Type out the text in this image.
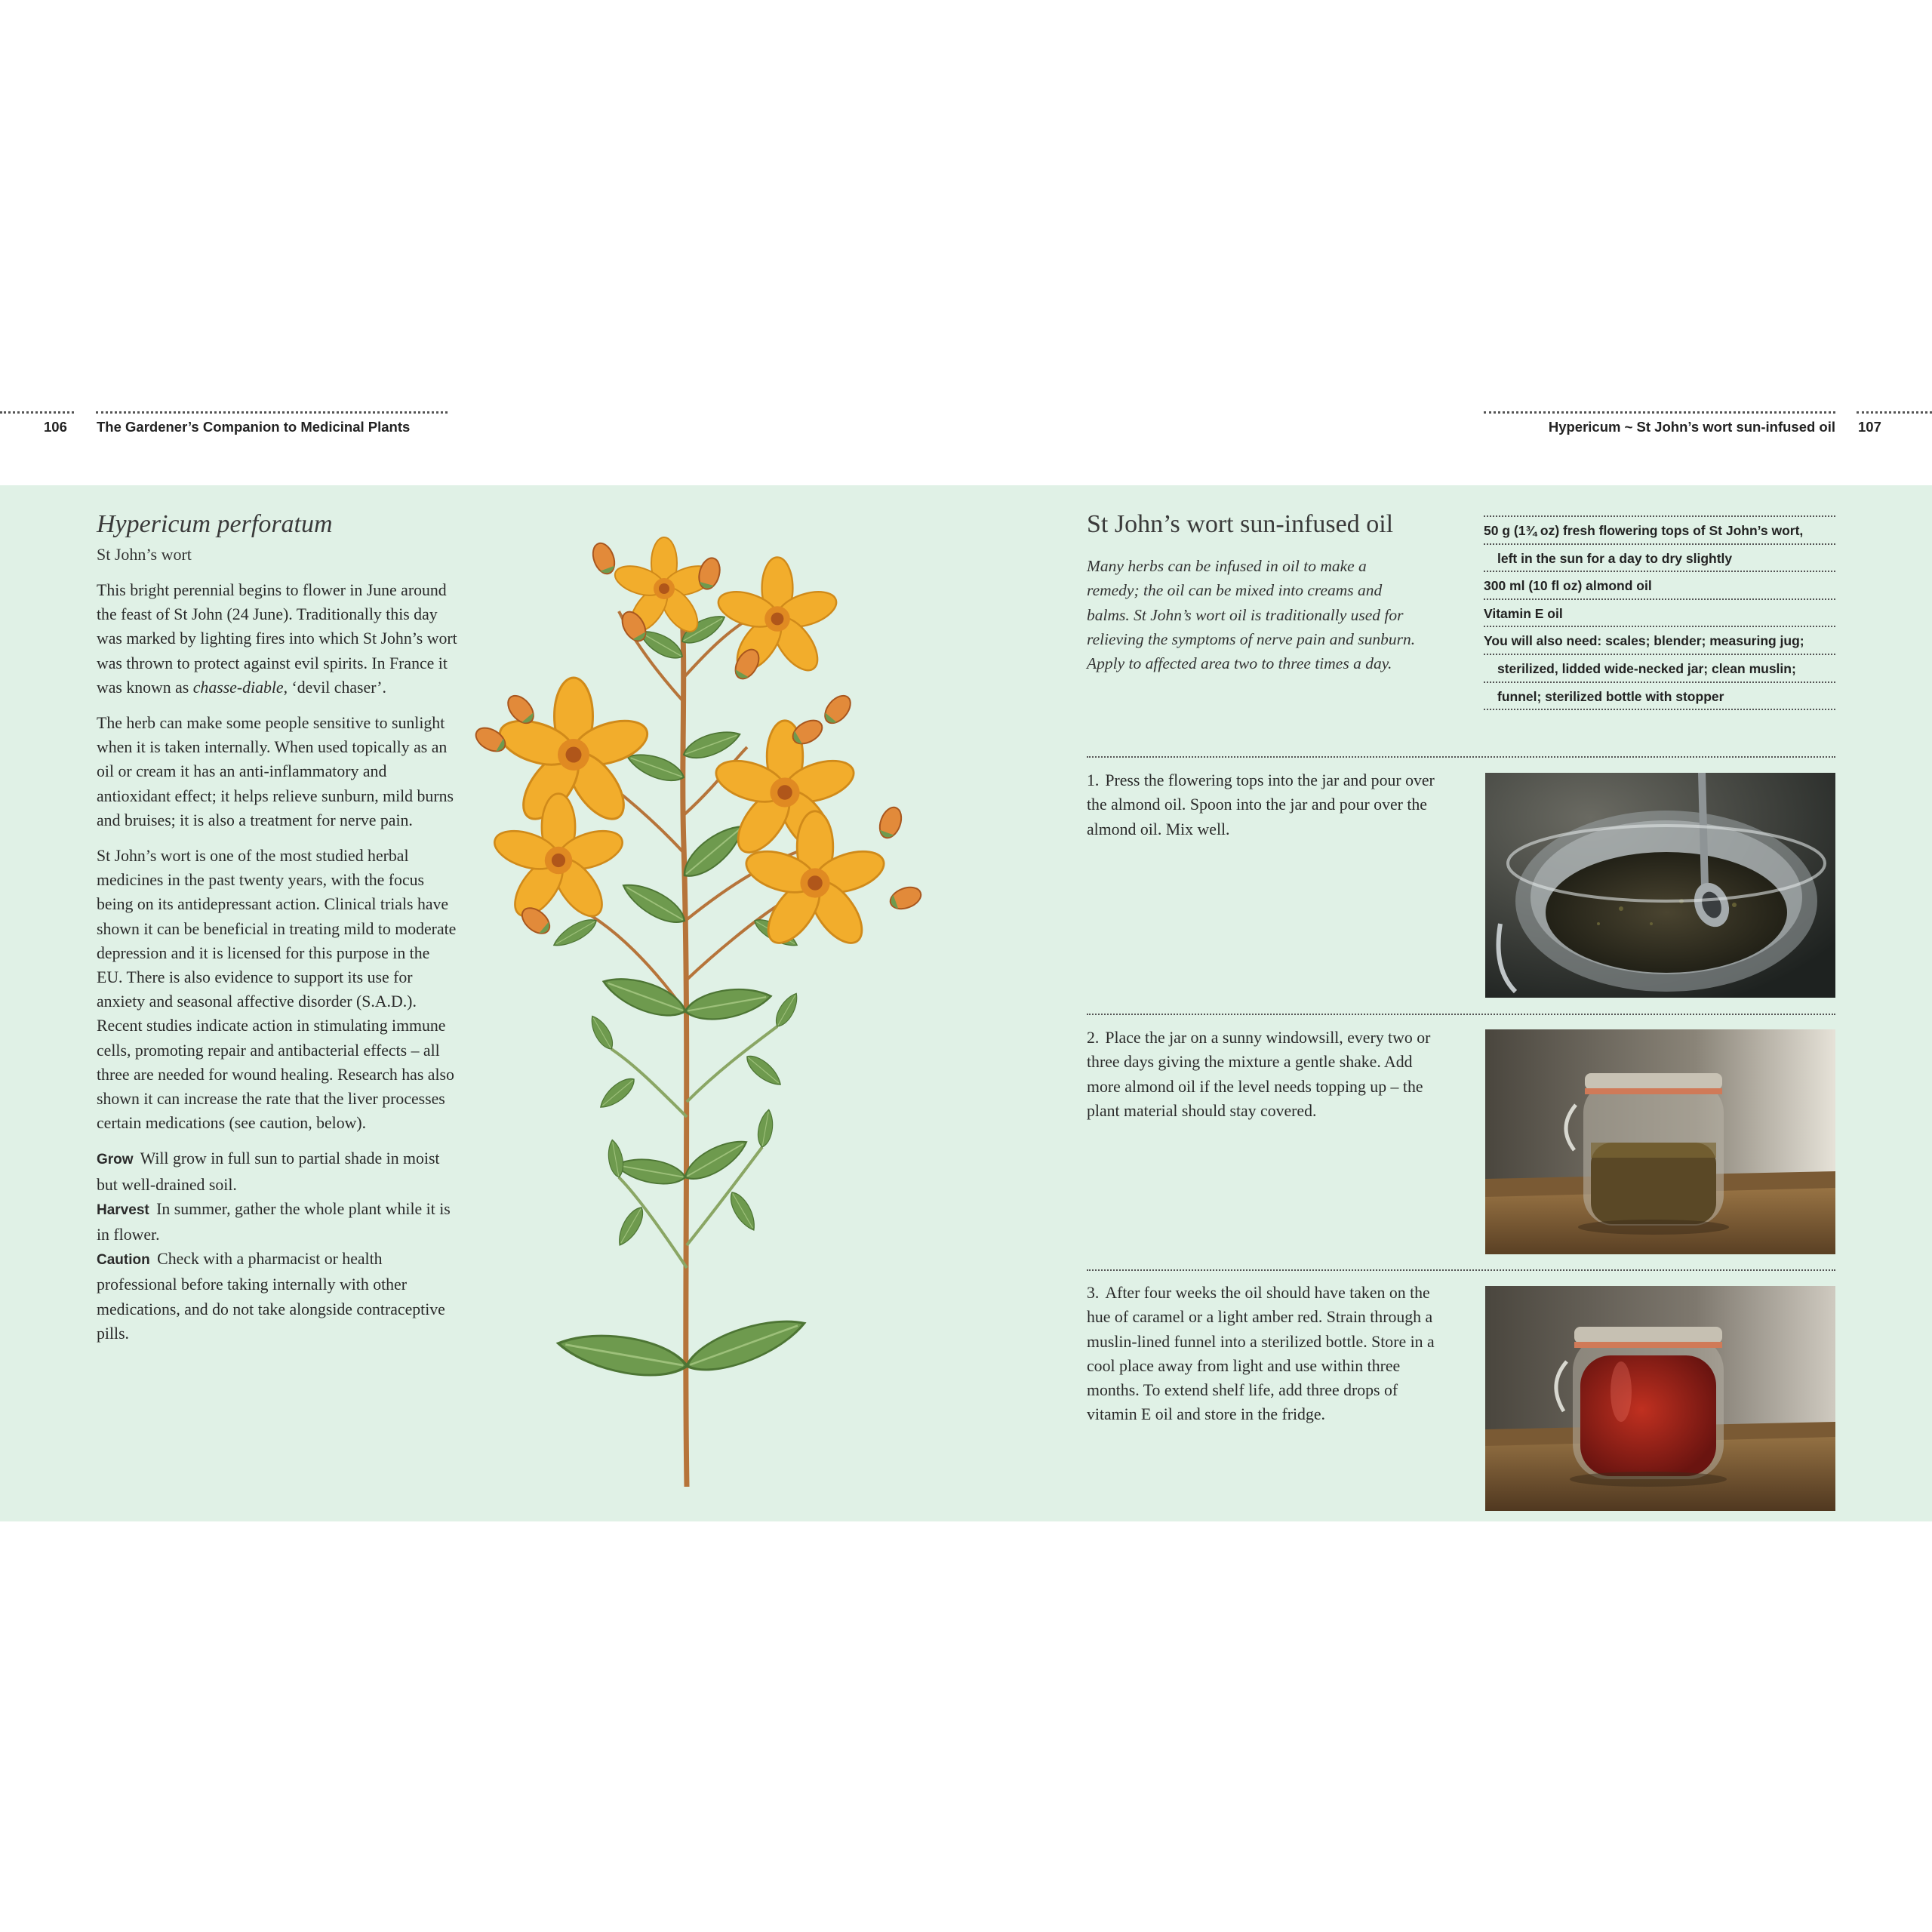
106 The Gardener’s Companion to Medicinal Plants	Hypericum ~ St John’s wort sun-infused oil 107
Hypericum perforatum
St John’s wort

This bright perennial begins to flower in June around the feast of St John (24 June). Traditionally this day was marked by lighting fires into which St John’s wort was thrown to protect against evil spirits. In France it was known as chasse-diable, ‘devil chaser’.

The herb can make some people sensitive to sunlight when it is taken internally. When used topically as an oil or cream it has an anti-inflammatory and antioxidant effect; it helps relieve sunburn, mild burns and bruises; it is also a treatment for nerve pain.

St John’s wort is one of the most studied herbal medicines in the past twenty years, with the focus being on its antidepressant action. Clinical trials have shown it can be beneficial in treating mild to moderate depression and it is licensed for this purpose in the EU. There is also evidence to support its use for anxiety and seasonal affective disorder (S.A.D.). Recent studies indicate action in stimulating immune cells, promoting repair and antibacterial effects – all three are needed for wound healing. Research has also shown it can increase the rate that the liver processes certain medications (see caution, below).

Grow Will grow in full sun to partial shade in moist but well-drained soil.
Harvest In summer, gather the whole plant while it is in flower.
Caution Check with a pharmacist or health professional before taking internally with other medications, and do not take alongside contraceptive pills.
St John’s wort sun-infused oil
Many herbs can be infused in oil to make a remedy; the oil can be mixed into creams and balms. St John’s wort oil is traditionally used for relieving the symptoms of nerve pain and sunburn. Apply to affected area two to three times a day.
50 g (1¾ oz) fresh flowering tops of St John’s wort,
left in the sun for a day to dry slightly
300 ml (10 fl oz) almond oil
Vitamin E oil
You will also need: scales; blender; measuring jug;
sterilized, lidded wide-necked jar; clean muslin;
funnel; sterilized bottle with stopper
1. Press the flowering tops into the jar and pour over the almond oil. Spoon into the jar and pour over the almond oil. Mix well.
2. Place the jar on a sunny windowsill, every two or three days giving the mixture a gentle shake. Add more almond oil if the level needs topping up – the plant material should stay covered.
3. After four weeks the oil should have taken on the hue of caramel or a light amber red. Strain through a muslin-lined funnel into a sterilized bottle. Store in a cool place away from light and use within three months. To extend shelf life, add three drops of vitamin E oil and store in the fridge.
